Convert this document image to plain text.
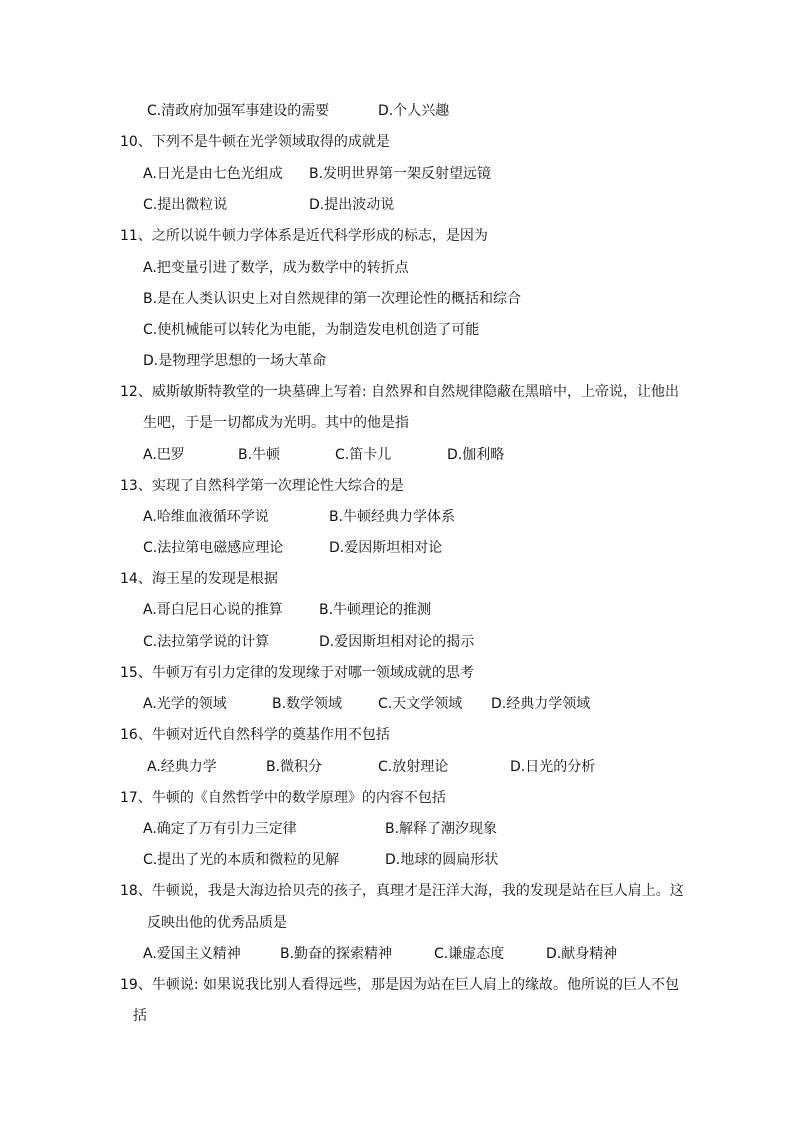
C.清政府加强军事建设的需要	D.个人兴趣
10、下列不是牛顿在光学领域取得的成就是
A.日光是由七色光组成 B.发明世界第一架反射望远镜
C.提出微粒说	D.提出波动说
11、之所以说牛顿力学体系是近代科学形成的标志，是因为
A.把变量引进了数学，成为数学中的转折点
B.是在人类认识史上对自然规律的第一次理论性的概括和综合
C.使机械能可以转化为电能，为制造发电机创造了可能
D.是物理学思想的一场大革命
12、威斯敏斯特教堂的一块墓碑上写着: 自然界和自然规律隐蔽在黑暗中，上帝说，让他出
生吧，于是一切都成为光明。其中的他是指
A.巴罗	B.牛顿	C.笛卡儿	D.伽利略
13、实现了自然科学第一次理论性大综合的是
A.哈维血液循环学说	B.牛顿经典力学体系
C.法拉第电磁感应理论	D.爱因斯坦相对论
14、海王星的发现是根据
A.哥白尼日心说的推算	B.牛顿理论的推测
C.法拉第学说的计算	D.爱因斯坦相对论的揭示
15、牛顿万有引力定律的发现缘于对哪一领域成就的思考
A.光学的领域	B.数学领域	C.天文学领域 D.经典力学领域
16、牛顿对近代自然科学的奠基作用不包括
A.经典力学	B.微积分	C.放射理论	D.日光的分析
17、牛顿的《自然哲学中的数学原理》的内容不包括
A.确定了万有引力三定律	B.解释了潮汐现象
C.提出了光的本质和微粒的见解	D.地球的圆扁形状
18、牛顿说，我是大海边拾贝壳的孩子，真理才是汪洋大海，我的发现是站在巨人肩上。这
反映出他的优秀品质是
A.爱国主义精神	B.勤奋的探索精神	C.谦虚态度	D.献身精神
19、牛顿说: 如果说我比别人看得远些，那是因为站在巨人肩上的缘故。他所说的巨人不包
括
